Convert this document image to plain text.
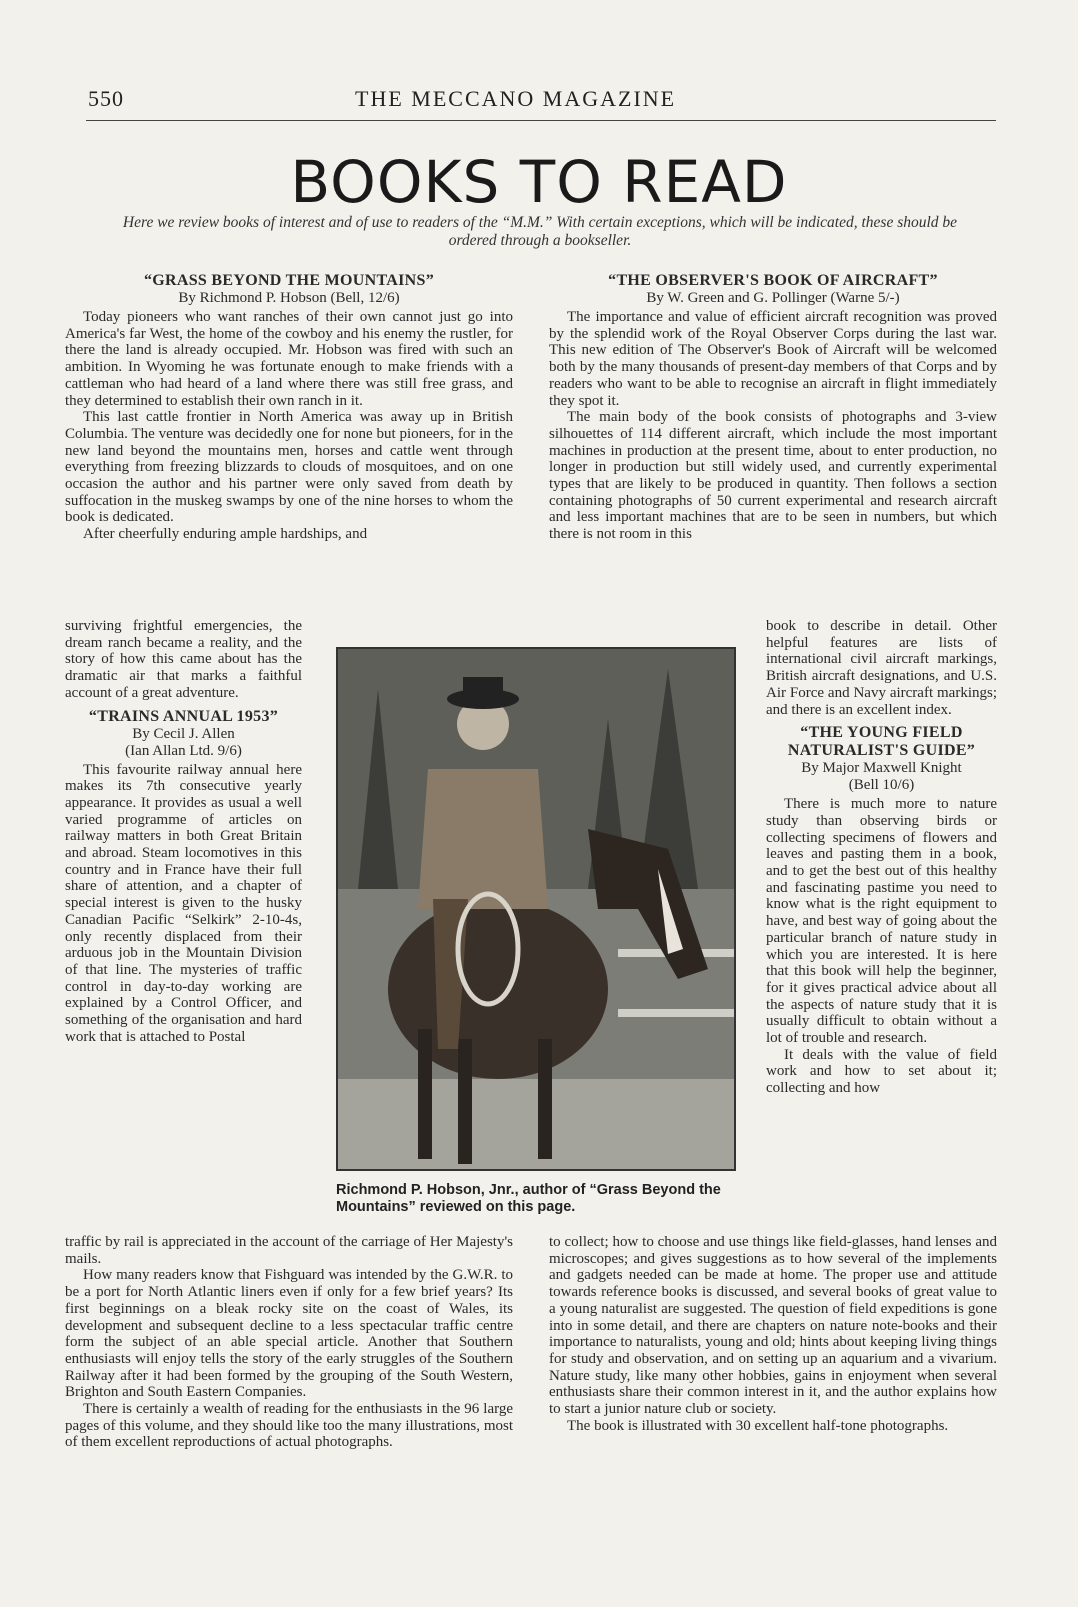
550	THE MECCANO MAGAZINE
BOOKS TO READ
Here we review books of interest and of use to readers of the “M.M.” With certain exceptions, which will be indicated, these should be ordered through a bookseller.
“GRASS BEYOND THE MOUNTAINS”
By Richmond P. Hobson (Bell, 12/6)

Today pioneers who want ranches of their own cannot just go into America's far West, the home of the cowboy and his enemy the rustler, for there the land is already occupied. Mr. Hobson was fired with such an ambition. In Wyoming he was fortunate enough to make friends with a cattleman who had heard of a land where there was still free grass, and they determined to establish their own ranch in it.

This last cattle frontier in North America was away up in British Columbia. The venture was decidedly one for none but pioneers, for in the new land beyond the mountains men, horses and cattle went through everything from freezing blizzards to clouds of mosquitoes, and on one occasion the author and his partner were only saved from death by suffocation in the muskeg swamps by one of the nine horses to whom the book is dedicated.

After cheerfully enduring ample hardships, and

surviving frightful emergencies, the dream ranch became a reality, and the story of how this came about has the dramatic air that marks a faithful account of a great adventure.

“TRAINS ANNUAL 1953”
By Cecil J. Allen
(Ian Allan Ltd. 9/6)

This favourite railway annual here makes its 7th consecutive yearly appearance. It provides as usual a well varied programme of articles on railway matters in both Great Britain and abroad. Steam locomotives in this country and in France have their full share of attention, and a chapter of special interest is given to the husky Canadian Pacific “Selkirk” 2-10-4s, only recently displaced from their arduous job in the Mountain Division of that line. The mysteries of traffic control in day-to-day working are explained by a Control Officer, and something of the organisation and hard work that is attached to Postal

traffic by rail is appreciated in the account of the carriage of Her Majesty's mails.

How many readers know that Fishguard was intended by the G.W.R. to be a port for North Atlantic liners even if only for a few brief years? Its first beginnings on a bleak rocky site on the coast of Wales, its development and subsequent decline to a less spectacular traffic centre form the subject of an able special article. Another that Southern enthusiasts will enjoy tells the story of the early struggles of the Southern Railway after it had been formed by the grouping of the South Western, Brighton and South Eastern Companies.

There is certainly a wealth of reading for the enthusiasts in the 96 large pages of this volume, and they should like too the many illustrations, most of them excellent reproductions of actual photographs.

“THE OBSERVER'S BOOK OF AIRCRAFT”
By W. Green and G. Pollinger (Warne 5/-)

The importance and value of efficient aircraft recognition was proved by the splendid work of the Royal Observer Corps during the last war. This new edition of The Observer's Book of Aircraft will be welcomed both by the many thousands of present-day members of that Corps and by readers who want to be able to recognise an aircraft in flight immediately they spot it.

The main body of the book consists of photographs and 3-view silhouettes of 114 different aircraft, which include the most important machines in production at the present time, about to enter production, no longer in production but still widely used, and currently experimental types that are likely to be produced in quantity. Then follows a section containing photographs of 50 current experimental and research aircraft and less important machines that are to be seen in numbers, but which there is not room in this

book to describe in detail. Other helpful features are lists of international civil aircraft markings, British aircraft designations, and U.S. Air Force and Navy aircraft markings; and there is an excellent index.

“THE YOUNG FIELD NATURALIST'S GUIDE”
By Major Maxwell Knight
(Bell 10/6)

There is much more to nature study than observing birds or collecting specimens of flowers and leaves and pasting them in a book, and to get the best out of this healthy and fascinating pastime you need to know what is the right equipment to have, and best way of going about the particular branch of nature study in which you are interested. It is here that this book will help the beginner, for it gives practical advice about all the aspects of nature study that it is usually difficult to obtain without a lot of trouble and research.

It deals with the value of field work and how to set about it; collecting and how

to collect; how to choose and use things like field-glasses, hand lenses and microscopes; and gives suggestions as to how several of the implements and gadgets needed can be made at home. The proper use and attitude towards reference books is discussed, and several books of great value to a young naturalist are suggested. The question of field expeditions is gone into in some detail, and there are chapters on nature note-books and their importance to naturalists, young and old; hints about keeping living things for study and observation, and on setting up an aquarium and a vivarium. Nature study, like many other hobbies, gains in enjoyment when several enthusiasts share their common interest in it, and the author explains how to start a junior nature club or society.

The book is illustrated with 30 excellent half-tone photographs.

Richmond P. Hobson, Jnr., author of “Grass Beyond the Mountains” reviewed on this page.
